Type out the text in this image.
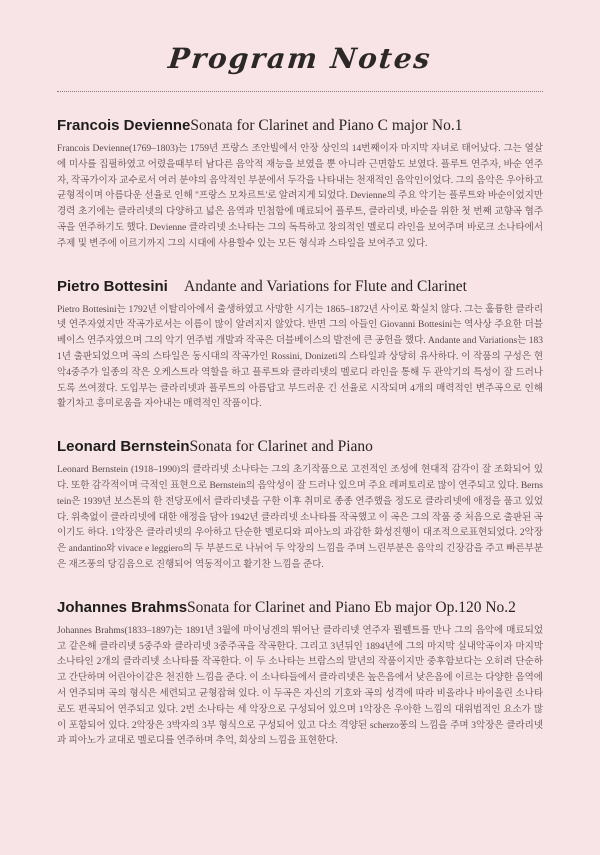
Program Notes
Francois Devienne Sonata for Clarinet and Piano C major No.1

Francois Devienne(1769–1803)는 1759년 프랑스 조안빌에서 안장 상인의 14번째이자 마지막 자녀로 태어났다. 그는 열살에 미사를 집필하였고 어렸을때부터 남다른 음악적 재능을 보였을 뿐 아니라 근면함도 보였다. 플루트 연주자, 바순 연주자, 작곡가이자 교수로서 여러 분야의 음악적인 부분에서 두각을 나타내는 천재적인 음악인이었다. 그의 음악은 우아하고 균형적이며 아름다운 선율로 인해 "프랑스 모차르트'로 알려지게 되었다. Devienne의 주요 악기는 플루트와 바순이었지만 경력 초기에는 클라리넷의 다양하고 넓은 음역과 민첩함에 매료되어 플루트, 클라리넷, 바순을 위한 첫 번째 교향곡 협주곡을 연주하기도 했다. Devienne 클라리넷 소나타는 그의 독특하고 창의적인 멜로디 라인을 보여주며 바로크 소나타에서 주제 및 변주에 이르기까지 그의 시대에 사용할수 있는 모든 형식과 스타일을 보여주고 있다.

Pietro Bottesini	Andante and Variations for Flute and Clarinet

Pietro Bottesini는 1792년 이탈리아에서 출생하였고 사망한 시기는 1865–1872년 사이로 확실치 않다. 그는 훌륭한 클라리넷 연주자였지만 작곡가로서는 이름이 많이 알려지지 않았다. 반면 그의 아들인 Giovanni Bottesini는 역사상 주요한 더블베이스 연주자였으며 그의 악기 연주법 개발과 작곡은 더블베이스의 발전에 큰 공헌을 했다. Andante and Variations는 1831년 출판되었으며 곡의 스타일은 동시대의 작곡가인 Rossini, Donizeti의 스타일과 상당히 유사하다. 이 작품의 구성은 현악4중주가 일종의 작은 오케스트라 역할을 하고 플루트와 클라리넷의 멜로디 라인을 통해 두 관악기의 특성이 잘 드러나도록 쓰여졌다. 도입부는 클라리넷과 플루트의 아름답고 부드러운 긴 선율로 시작되며 4개의 매력적인 변주곡으로 인해 활기차고 흥미로움을 자아내는 매력적인 작품이다.

Leonard Bernstein Sonata for Clarinet and Piano

Leonard Bernstein (1918–1990)의 클라리넷 소나타는 그의 초기작품으로 고전적인 조성에 현대적 감각이 잘 조화되어 있다. 또한 감각적이며 극적인 표현으로 Bernstein의 음악성이 잘 드러나 있으며 주요 레퍼토리로 많이 연주되고 있다. Bernstein은 1939년 보스톤의 한 전당포에서 클라리넷을 구한 이후 취미로 종종 연주했을 정도로 클라리넷에 애정을 품고 있었다. 위축없이 클라리넷에 대한 애정을 담아 1942년 클라리넷 소나타를 작곡했고 이 곡은 그의 작품 중 처음으로 출판된 곡이기도 하다. 1악장은 클라리넷의 우아하고 단순한 멜로디와 피아노의 과감한 화성진행이 대조적으로표현되었다. 2악장은 andantino와 vivace e leggiero의 두 부분드로 나뉘어 두 악장의 느낌을 주며 느린부분은 음악의 긴장감을 주고 빠른부분은 재즈풍의 당김음으로 진행되어 역동적이고 활기찬 느낌을 준다.

Johannes Brahms Sonata for Clarinet and Piano Eb major Op.120 No.2

Johannes Brahms(1833–1897)는 1891년 3월에 마이닝겐의 뛰어난 클라리넷 연주자 뮐펠트를 만나 그의 음악에 매료되었고 같은해 클라리넷 5중주와 클라리넷 3중주곡을 작곡한다. 그리고 3년뒤인 1894년에 그의 마지막 실내악곡이자 마지막 소나타인 2개의 클라리넷 소나타를 작곡한다. 이 두 소나타는 브람스의 말년의 작품이지만 중후함보다는 오히려 단순하고 간단하며 어린아이같은 천진한 느낌을 준다. 이 소나타들에서 클라리넷은 높은음에서 낮은음에 이르는 다양한 음역에서 연주되며 곡의 형식은 세련되고 균형잡혀 있다. 이 두곡은 자신의 기호와 곡의 성격에 따라 비올라나 바이올린 소나타로도 편곡되어 연주되고 있다. 2번 소나타는 세 악장으로 구성되어 있으며 1악장은 우아한 느낌의 대위법적인 요소가 많이 포함되어 있다. 2악장은 3박자의 3부 형식으로 구성되어 있고 다소 격양된 scherzo풍의 느낌을 주며 3악장은 클라리넷과 피아노가 교대로 멜로디를 연주하며 추억, 회상의 느낌을 표현한다.
